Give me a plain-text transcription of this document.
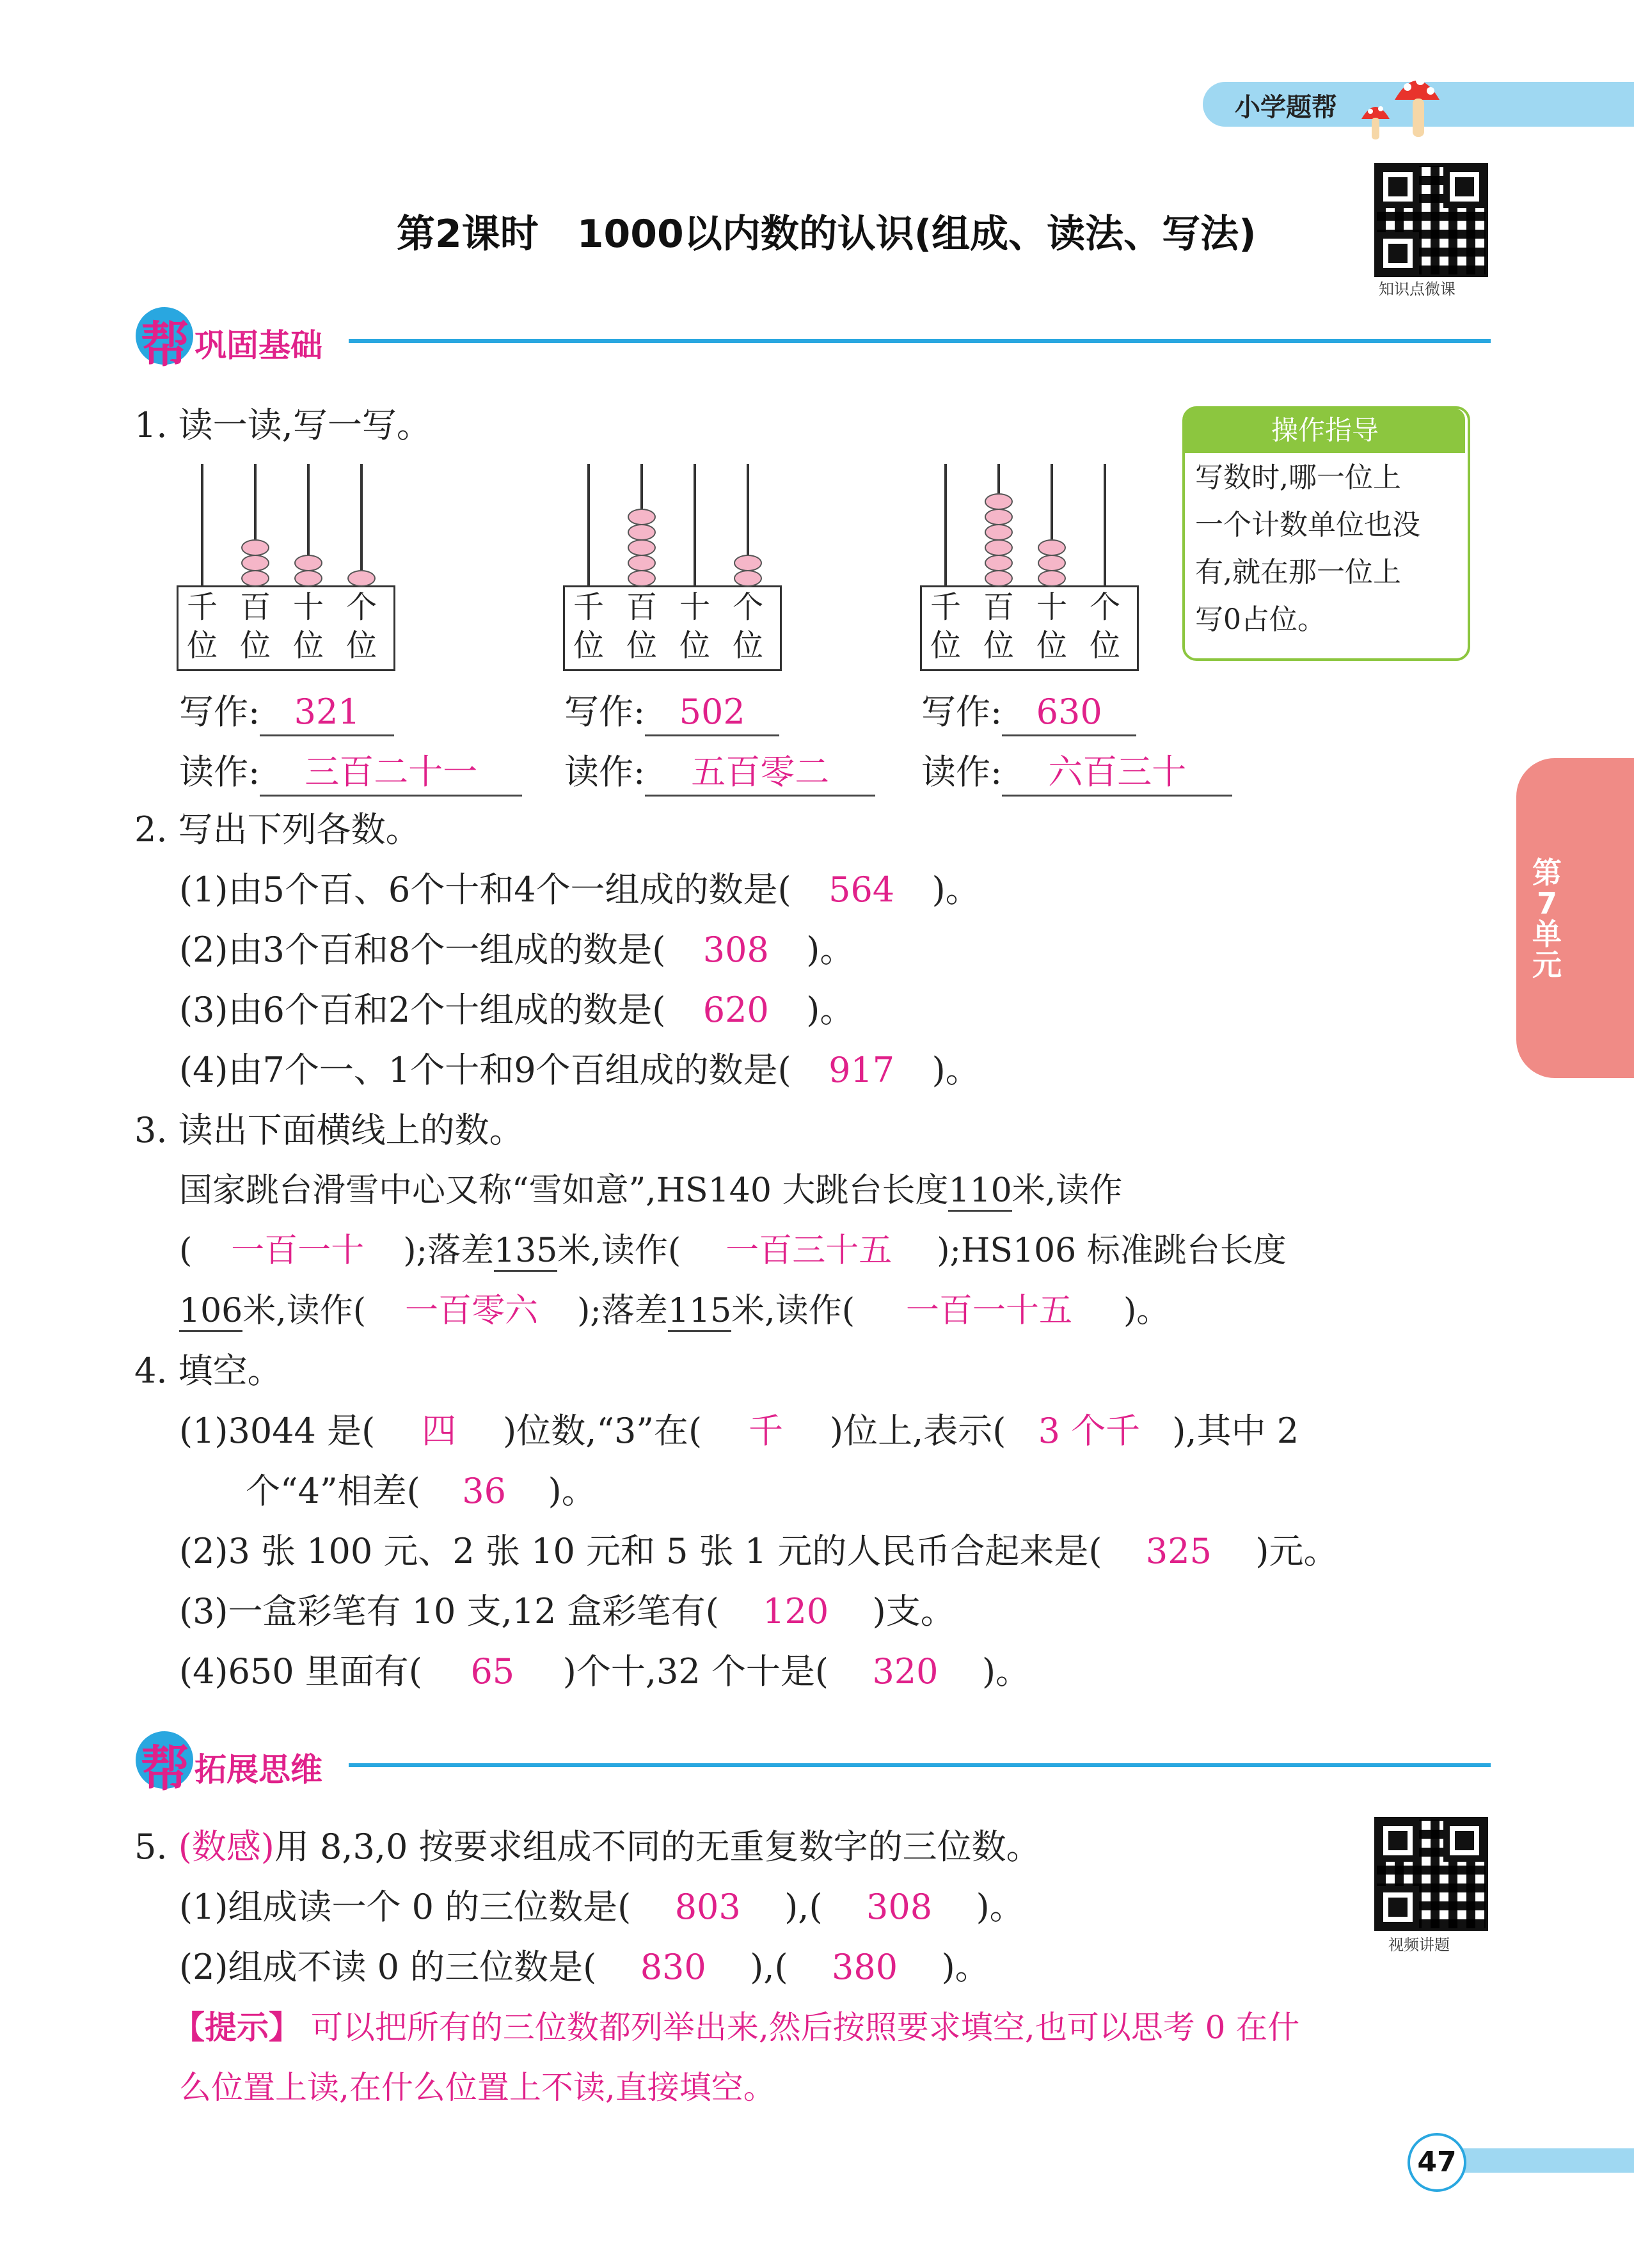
小学题帮
知识点微课
第2课时　1000以内数的认识(组成、读法、写法)
帮 巩固基础
第
7
单
元
1. 读一读,写一写。	操作指导
写数时,哪一位上
一个计数单位也没
有,就在那一位上
写0占位。
千
位
百
位
十
位
个
位
千
位
百
位
十
位
个
位
千
位
百
位
十
位
个
位
写作: 321	写作: 502	写作: 630
读作: 三百二十一	读作: 五百零二	读作: 六百三十
2. 写出下列各数。
(1)由5个百、6个十和4个一组成的数是( 564 )。
(2)由3个百和8个一组成的数是( 308 )。
(3)由6个百和2个十组成的数是( 620 )。
(4)由7个一、1个十和9个百组成的数是( 917 )。
3. 读出下面横线上的数。
国家跳台滑雪中心又称“雪如意”,HS140 大跳台长度110米,读作
( 一百一十 );落差135米,读作( 一百三十五 );HS106 标准跳台长度
106米,读作( 一百零六 );落差115米,读作( 一百一十五 )。
4. 填空。
(1)3044 是( 四 )位数,“3”在( 千 )位上,表示( 3 个千 ),其中 2
个“4”相差( 36 )。
(2)3 张 100 元、2 张 10 元和 5 张 1 元的人民币合起来是( 325 )元。
(3)一盒彩笔有 10 支,12 盒彩笔有( 120 )支。
(4)650 里面有( 65 )个十,32 个十是( 320 )。
帮 拓展思维
5. (数感)用 8,3,0 按要求组成不同的无重复数字的三位数。
(1)组成读一个 0 的三位数是( 803 ),( 308 )。
(2)组成不读 0 的三位数是( 830 ),( 380 )。
【提示】 可以把所有的三位数都列举出来,然后按照要求填空,也可以思考 0 在什
么位置上读,在什么位置上不读,直接填空。
视频讲题
47
